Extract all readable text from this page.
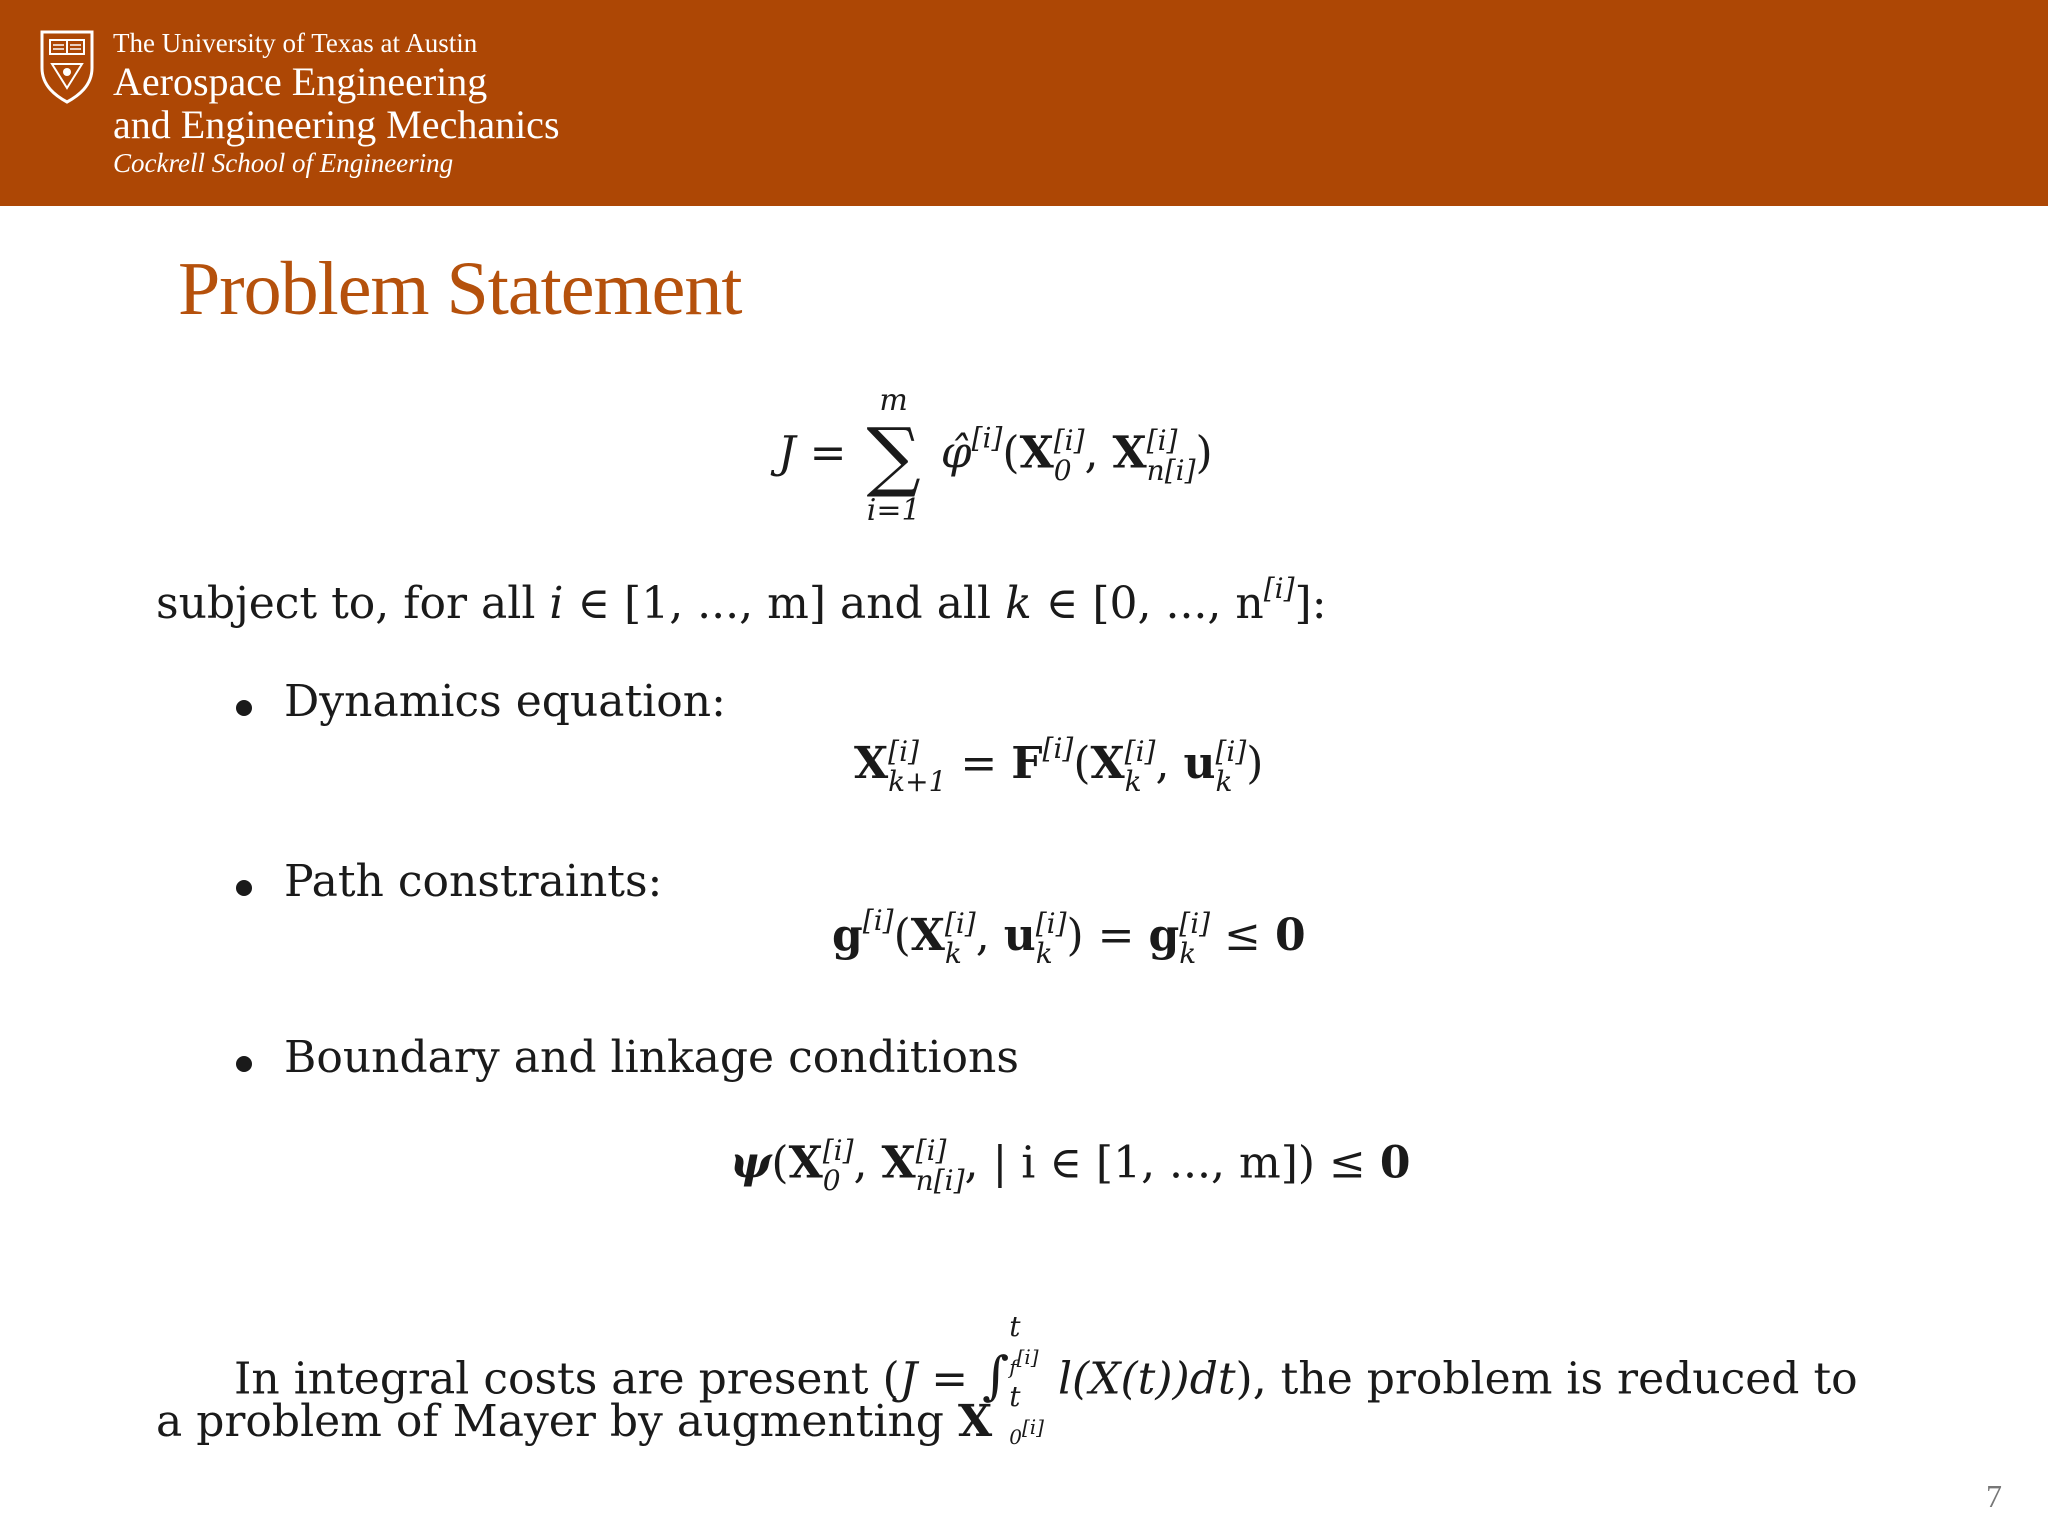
The University of Texas at Austin
Aerospace Engineering
and Engineering Mechanics
Cockrell School of Engineering
Problem Statement
J =
m
∑
i=1
φ̂[i](X [i]
0 , X [i]
n[i] )
subject to, for all i ∈ [1, ..., m] and all k ∈ [0, ..., n[i]]:
Dynamics equation:
X [i]
k+1 = F[i](X [i]
k , u [i]
k )
Path constraints:
g[i](X [i]
k , u [i]
k ) = g [i]
k ≤ 0
Boundary and linkage conditions
ψ(X [i]
0 , X [i]
n[i] , | i ∈ [1, ..., m]) ≤ 0
In integral costs are present (J = ∫
t
f[i]
t
0[i]
l(X(t))dt), the problem is reduced to
a problem of Mayer by augmenting X
7
